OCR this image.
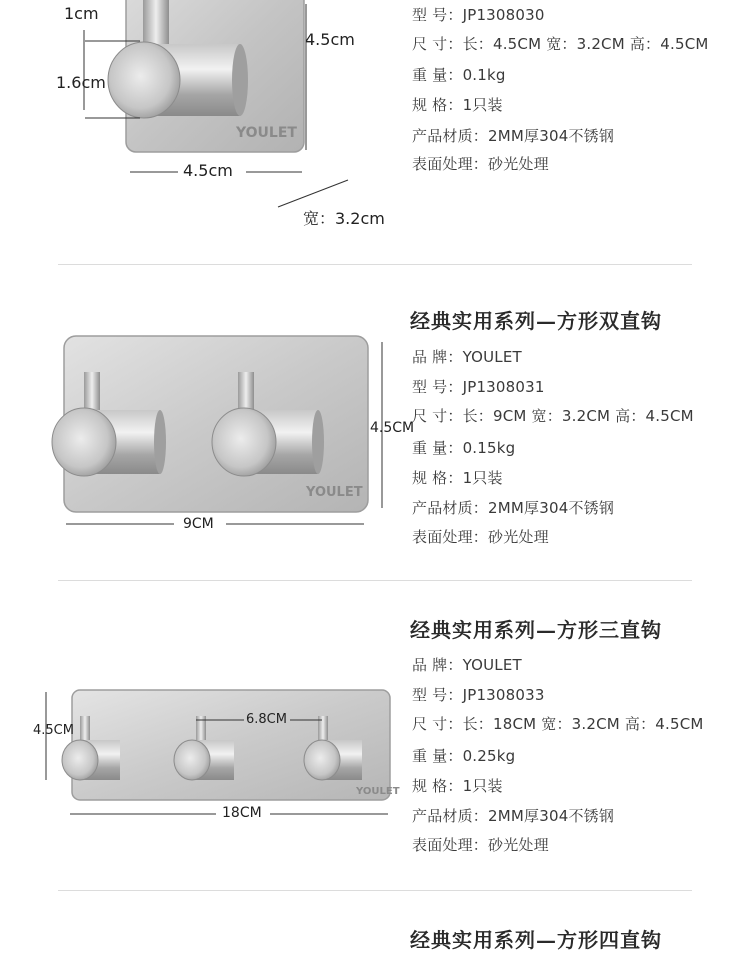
YOULET
1cm
1.6cm
4.5cm
4.5cm
宽：3.2cm
型 号：JP1308030
尺 寸：长：4.5CM 宽：3.2CM 高：4.5CM
重 量：0.1kg
规 格：1只装
产品材质：2MM厚304不锈钢
表面处理：砂光处理
经典实用系列—方形双直钩
YOULET
4.5CM
9CM
品 牌：YOULET
型 号：JP1308031
尺 寸：长：9CM 宽：3.2CM 高：4.5CM
重 量：0.15kg
规 格：1只装
产品材质：2MM厚304不锈钢
表面处理：砂光处理
经典实用系列—方形三直钩
YOULET
4.5CM
6.8CM
18CM
品 牌：YOULET
型 号：JP1308033
尺 寸：长：18CM 宽：3.2CM 高：4.5CM
重 量：0.25kg
规 格：1只装
产品材质：2MM厚304不锈钢
表面处理：砂光处理
经典实用系列—方形四直钩
